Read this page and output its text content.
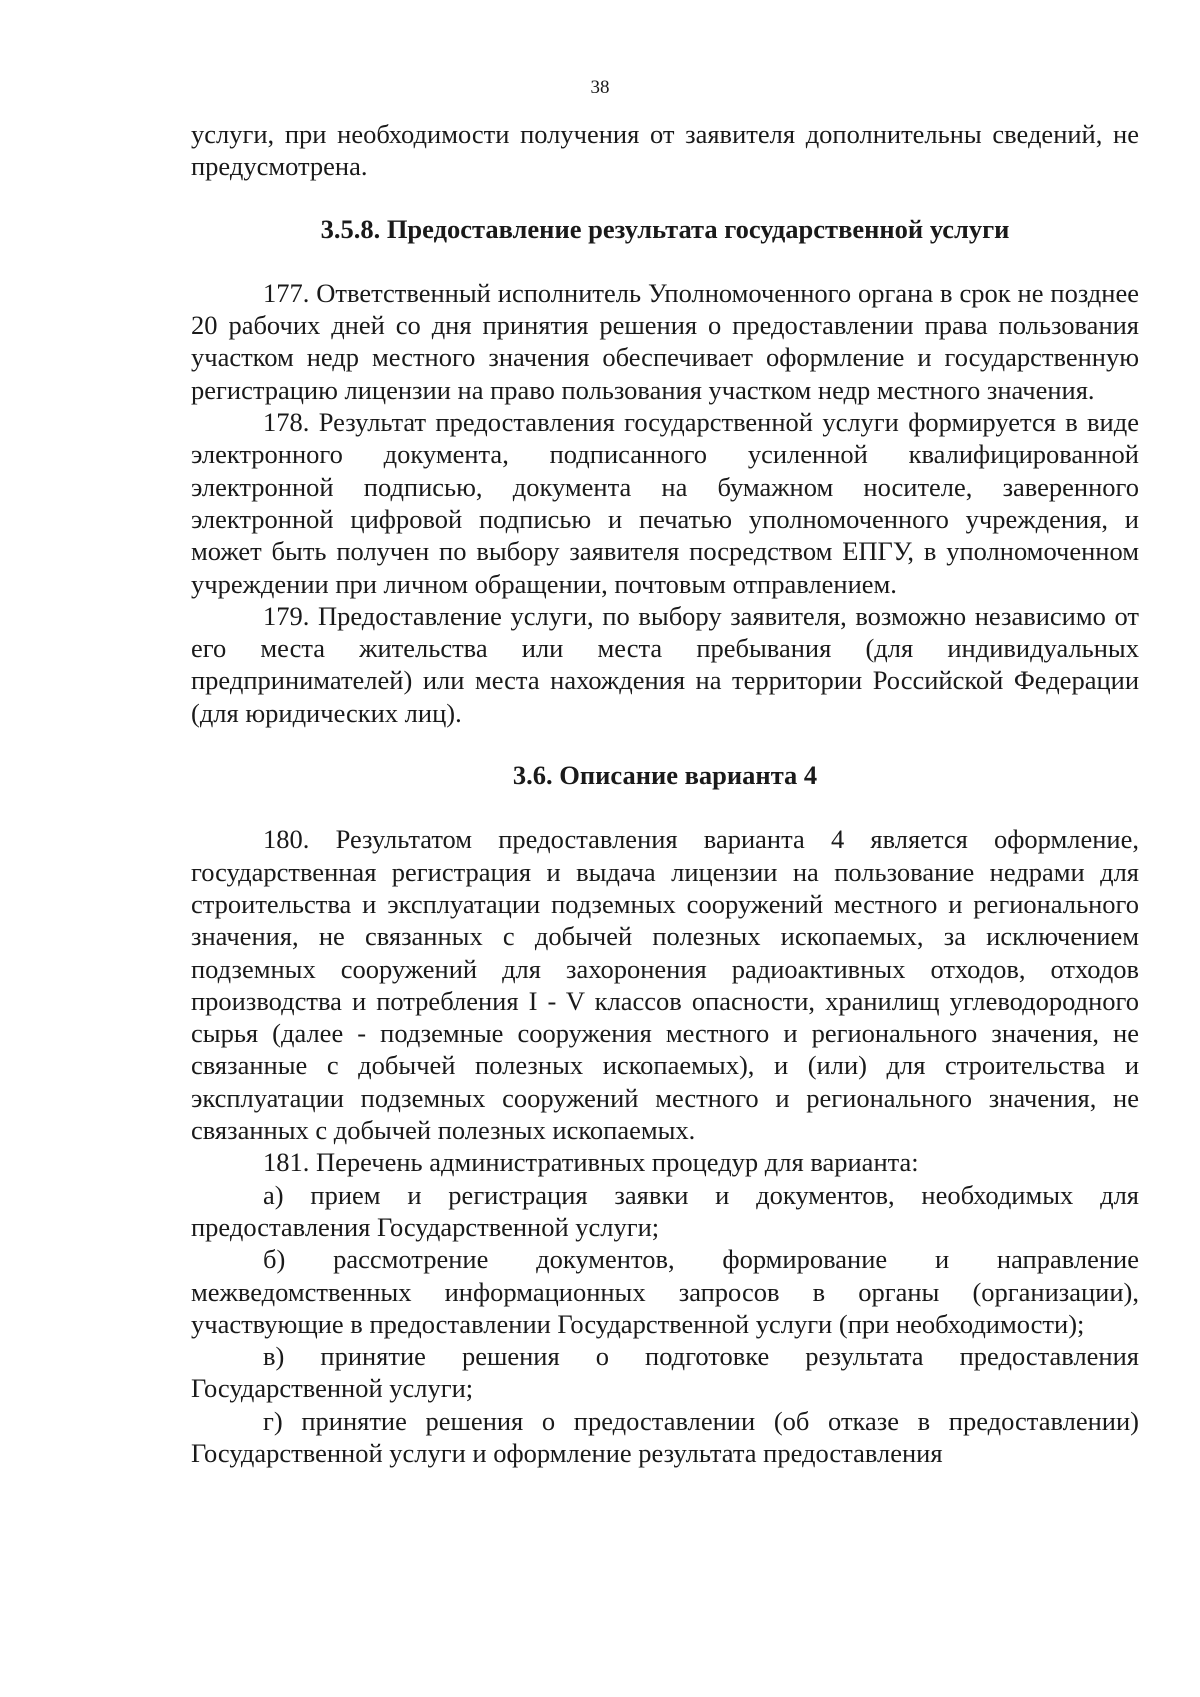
38

услуги, при необходимости получения от заявителя дополнительны сведений, не предусмотрена.

3.5.8. Предоставление результата государственной услуги

177. Ответственный исполнитель Уполномоченного органа в срок не позднее 20 рабочих дней со дня принятия решения о предоставлении права пользования участком недр местного значения обеспечивает оформление и государственную регистрацию лицензии на право пользования участком недр местного значения.

178. Результат предоставления государственной услуги формируется в виде электронного документа, подписанного усиленной квалифицированной электронной подписью, документа на бумажном носителе, заверенного электронной цифровой подписью и печатью уполномоченного учреждения, и может быть получен по выбору заявителя посредством ЕПГУ, в уполномоченном учреждении при личном обращении, почтовым отправлением.

179. Предоставление услуги, по выбору заявителя, возможно независимо от его места жительства или места пребывания (для индивидуальных предпринимателей) или места нахождения на территории Российской Федерации (для юридических лиц).

3.6. Описание варианта 4

180. Результатом предоставления варианта 4 является оформление, государственная регистрация и выдача лицензии на пользование недрами для строительства и эксплуатации подземных сооружений местного и регионального значения, не связанных с добычей полезных ископаемых, за исключением подземных сооружений для захоронения радиоактивных отходов, отходов производства и потребления I - V классов опасности, хранилищ углеводородного сырья (далее - подземные сооружения местного и регионального значения, не связанные с добычей полезных ископаемых), и (или) для строительства и эксплуатации подземных сооружений местного и регионального значения, не связанных с добычей полезных ископаемых.

181. Перечень административных процедур для варианта:

а) прием и регистрация заявки и документов, необходимых для предоставления Государственной услуги;

б) рассмотрение документов, формирование и направление межведомственных информационных запросов в органы (организации), участвующие в предоставлении Государственной услуги (при необходимости);

в) принятие решения о подготовке результата предоставления Государственной услуги;

г) принятие решения о предоставлении (об отказе в предоставлении) Государственной услуги и оформление результата предоставления
